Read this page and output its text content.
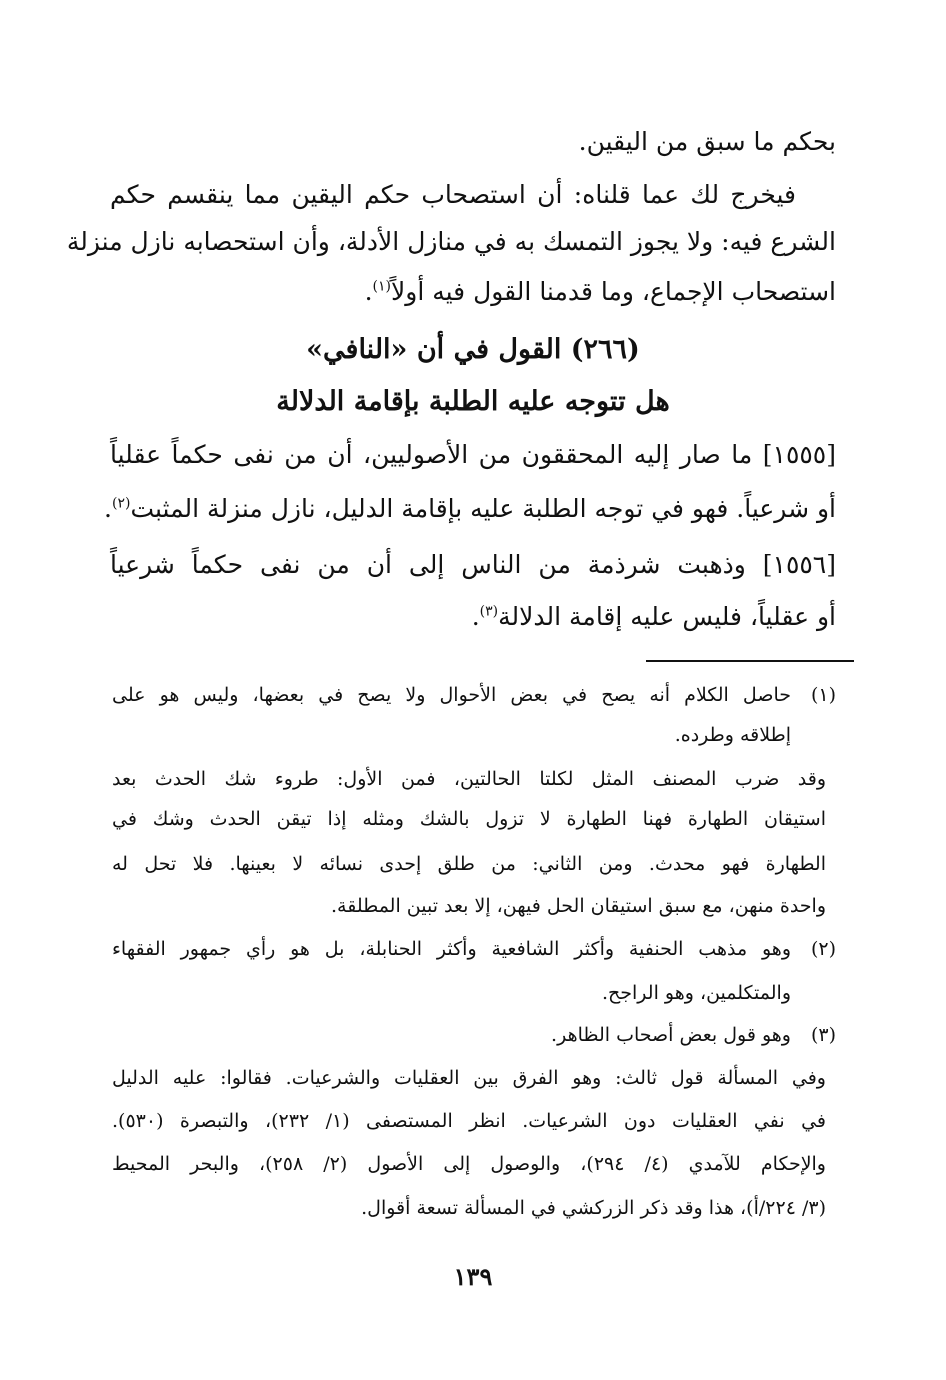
بحكم ما سبق من اليقين.
فيخرج لك عما قلناه: أن استصحاب حكم اليقين مما ينقسم حكم
الشرع فيه: ولا يجوز التمسك به في منازل الأدلة، وأن استحصابه نازل منزلة
استصحاب الإجماع، وما قدمنا القول فيه أولاً$^{(١)}$.
(٢٦٦) القول في أن «النافي»
هل تتوجه عليه الطلبة بإقامة الدلالة
[١٥٥٥] ما صار إليه المحققون من الأصوليين، أن من نفى حكماً عقلياً
أو شرعياً. فهو في توجه الطلبة عليه بإقامة الدليل، نازل منزلة المثبت$^{(٢)}$.
[١٥٥٦] وذهبت شرذمة من الناس إلى أن من نفى حكماً شرعياً
أو عقلياً، فليس عليه إقامة الدلالة$^{(٣)}$.
(١)
حاصل الكلام أنه يصح في بعض الأحوال ولا يصح في بعضها، وليس هو على
إطلاقه وطرده.
وقد ضرب المصنف المثل لكلتا الحالتين، فمن الأول: طروء شك الحدث بعد
استيقان الطهارة فهنا الطهارة لا تزول بالشك ومثله إذا تيقن الحدث وشك في
الطهارة فهو محدث. ومن الثاني: من طلق إحدى نسائه لا بعينها. فلا تحل له
واحدة منهن، مع سبق استيقان الحل فيهن، إلا بعد تبين المطلقة.
(٢)
وهو مذهب الحنفية وأكثر الشافعية وأكثر الحنابلة، بل هو رأي جمهور الفقهاء
والمتكلمين، وهو الراجح.
(٣)
وهو قول بعض أصحاب الظاهر.
وفي المسألة قول ثالث: وهو الفرق بين العقليات والشرعيات. فقالوا: عليه الدليل
في نفي العقليات دون الشرعيات. انظر المستصفى (١/ ٢٣٢)، والتبصرة (٥٣٠).
والإحكام للآمدي (٤/ ٢٩٤)، والوصول إلى الأصول (٢/ ٢٥٨)، والبحر المحيط
(٣/ ٢٢٤/أ)، هذا وقد ذكر الزركشي في المسألة تسعة أقوال.
١٣٩
